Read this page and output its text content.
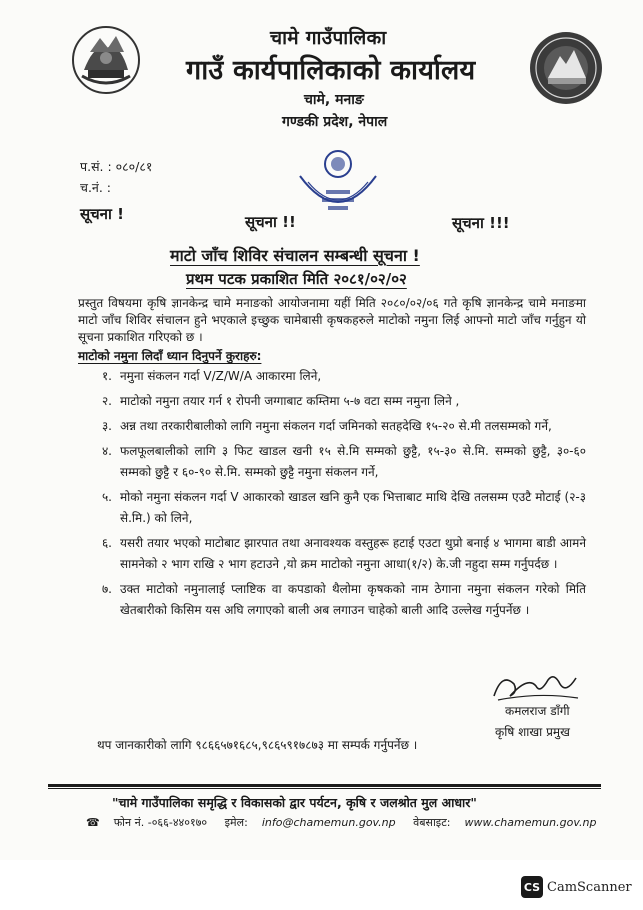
चामे गाउँपालिका
गाउँ कार्यपालिकाको कार्यालय
चामे, मनाङ
गण्डकी प्रदेश, नेपाल
प.सं. : ०८०/८१
च.नं. :
सूचना !	सूचना !!	सूचना !!!
माटो जाँच शिविर संचालन सम्बन्धी सूचना !
प्रथम पटक प्रकाशित मिति २०८१/०२/०२
प्रस्तुत विषयमा कृषि ज्ञानकेन्द्र चामे मनाङको आयोजनामा यहीं मिति २०८०/०२/०६ गते कृषि ज्ञानकेन्द्र चामे मनाङमा माटो जाँच शिविर संचालन हुने भएकाले इच्छुक चामेबासी कृषकहरुले माटोको नमुना लिई आफ्नो माटो जाँच गर्नुहुन यो सूचना प्रकाशित गरिएको छ ।
माटोको नमुना लिदाँ ध्यान दिनुपर्ने कुराहरु:
१. नमुना संकलन गर्दा V/Z/W/A आकारमा लिने,
२. माटोको नमुना तयार गर्न १ रोपनी जग्गाबाट कम्तिमा ५-७ वटा सम्म नमुना लिने ,
३. अन्न तथा तरकारीबालीको लागि नमुना संकलन गर्दा जमिनको सतहदेखि १५-२० से.मी तलसम्मको गर्ने,
४. फलफूलबालीको लागि ३ फिट खाडल खनी १५ से.मि सम्मको छुट्टै, १५-३० से.मि. सम्मको छुट्टै, ३०-६० सम्मको छुट्टै र ६०-९० से.मि. सम्मको छुट्टै नमुना संकलन गर्ने,
५. मोको नमुना संकलन गर्दा V आकारको खाडल खनि कुनै एक भित्ताबाट माथि देखि तलसम्म एउटै मोटाई (२-३ से.मि.) को लिने,
६. यसरी तयार भएको माटोबाट झारपात तथा अनावश्यक वस्तुहरू हटाई एउटा थुप्रो बनाई ४ भागमा बाडी आमने सामनेको २ भाग राखि २ भाग हटाउने ,यो क्रम माटोको नमुना आधा(१/२) के.जी नहुदा सम्म गर्नुपर्दछ ।
७. उक्त माटोको नमुनालाई प्लाष्टिक वा कपडाको थैलोमा कृषकको नाम ठेगाना नमुना संकलन गरेको मिति खेतबारीको किसिम यस अघि लगाएको बाली अब लगाउन चाहेको बाली आदि उल्लेख गर्नुपर्नेछ ।
कमलराज डाँगी
कृषि शाखा प्रमुख
थप जानकारीको लागि ९८६६५७१६८५,९८६५९१७८७३ मा सम्पर्क गर्नुपर्नेछ ।
"चामे गाउँपालिका समृद्धि र विकासको द्वार पर्यटन, कृषि र जलश्रोत मुल आधार"
☎ फोन नं. -०६६-४४०१७० इमेल: info@chamemun.gov.np वेबसाइट: www.chamemun.gov.np
CS CamScanner
